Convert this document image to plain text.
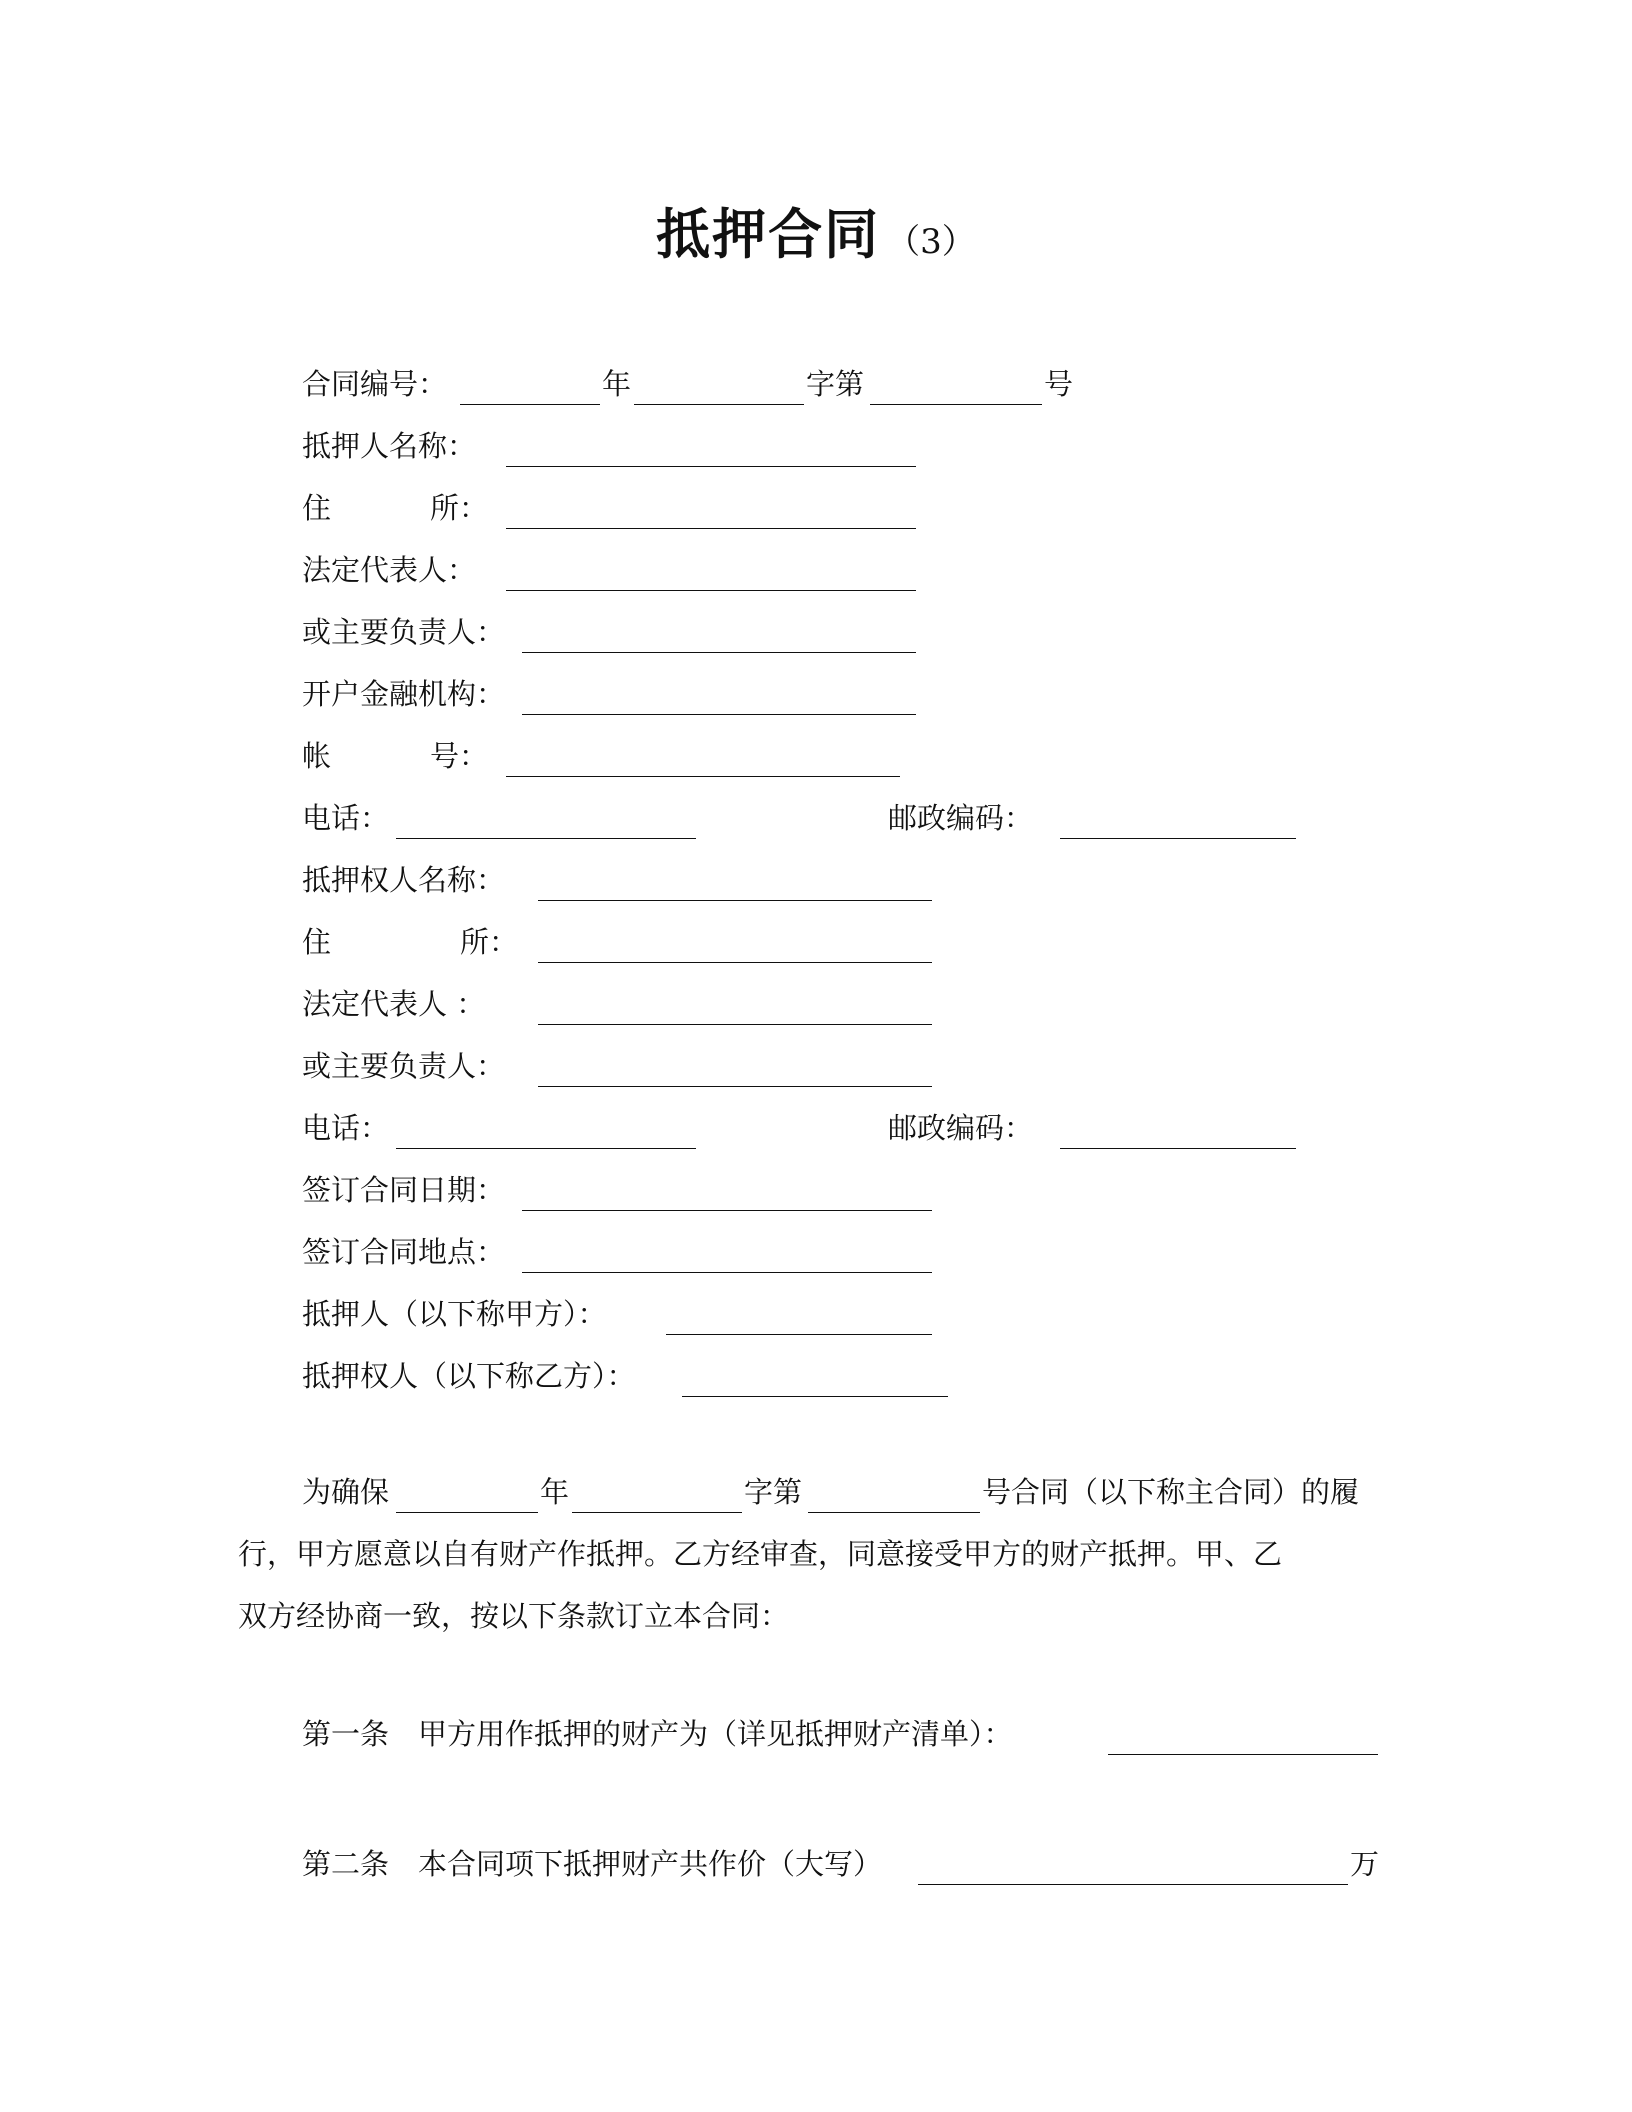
抵押合同 （3）
合同编号：	年	字第	号
抵押人名称：
住	所：
法定代表人：
或主要负责人：
开户金融机构：
帐	号：
电话：	邮政编码：
抵押权人名称：
住	所：
法定代表人 ：
或主要负责人：
电话：	邮政编码：
签订合同日期：
签订合同地点：
抵押人（以下称甲方）：
抵押权人（以下称乙方）：
为确保	年	字第	号合同（以下称主合同）的履
行，甲方愿意以自有财产作抵押。乙方经审查，同意接受甲方的财产抵押。甲、乙
双方经协商一致，按以下条款订立本合同：
第一条　甲方用作抵押的财产为（详见抵押财产清单）：
第二条　本合同项下抵押财产共作价（大写）	万
